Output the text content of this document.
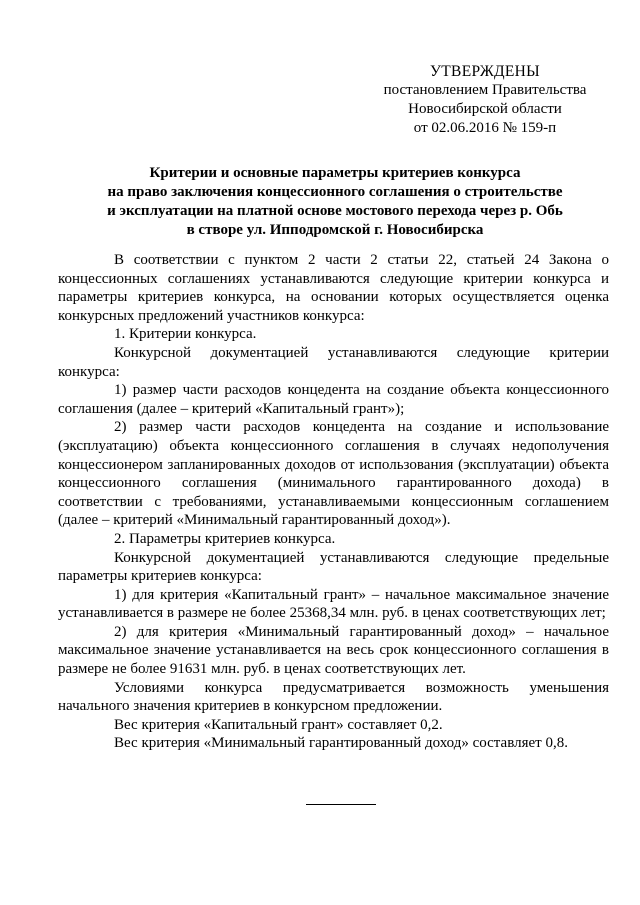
УТВЕРЖДЕНЫ
постановлением Правительства
Новосибирской области
от 02.06.2016 № 159-п
Критерии и основные параметры критериев конкурса
на право заключения концессионного соглашения о строительстве
и эксплуатации на платной основе мостового перехода через р. Обь
в створе ул. Ипподромской г. Новосибирска

В соответствии с пунктом 2 части 2 статьи 22, статьей 24 Закона о концессионных соглашениях устанавливаются следующие критерии конкурса и параметры критериев конкурса, на основании которых осуществляется оценка конкурсных предложений участников конкурса:

1. Критерии конкурса.

Конкурсной документацией устанавливаются следующие критерии конкурса:

1) размер части расходов концедента на создание объекта концессионного соглашения (далее – критерий «Капитальный грант»);

2) размер части расходов концедента на создание и использование (эксплуатацию) объекта концессионного соглашения в случаях недополучения концессионером запланированных доходов от использования (эксплуатации) объекта концессионного соглашения (минимального гарантированного дохода) в соответствии с требованиями, устанавливаемыми концессионным соглашением (далее – критерий «Минимальный гарантированный доход»).

2. Параметры критериев конкурса.

Конкурсной документацией устанавливаются следующие предельные параметры критериев конкурса:

1) для критерия «Капитальный грант» – начальное максимальное значение устанавливается в размере не более 25368,34 млн. руб. в ценах соответствующих лет;

2) для критерия «Минимальный гарантированный доход» – начальное максимальное значение устанавливается на весь срок концессионного соглашения в размере не более 91631 млн. руб. в ценах соответствующих лет.

Условиями конкурса предусматривается возможность уменьшения начального значения критериев в конкурсном предложении.

Вес критерия «Капитальный грант» составляет 0,2.

Вес критерия «Минимальный гарантированный доход» составляет 0,8.
